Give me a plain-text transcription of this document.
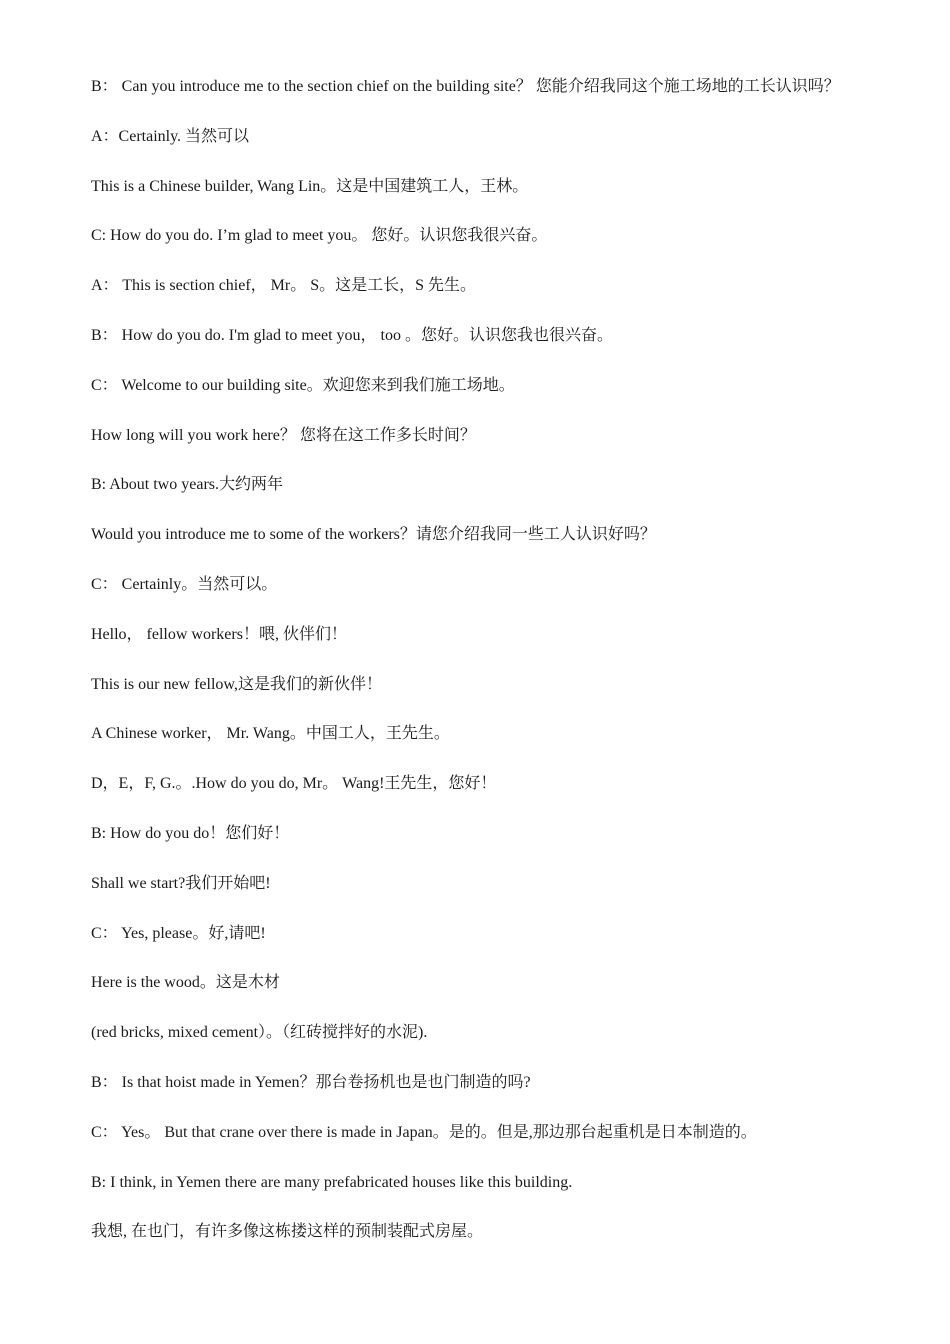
B： Can you introduce me to the section chief on the building site？ 您能介绍我同这个施工场地的工长认识吗？
A：Certainly. 当然可以
This is a Chinese builder, Wang Lin。这是中国建筑工人，王林。
C: How do you do. I’m glad to meet you。 您好。认识您我很兴奋。
A： This is section chief， Mr。 S。这是工长，S 先生。
B： How do you do. I'm glad to meet you， too 。您好。认识您我也很兴奋。
C： Welcome to our building site。欢迎您来到我们施工场地。
How long will you work here？ 您将在这工作多长时间？
B: About two years.大约两年
Would you introduce me to some of the workers？请您介绍我同一些工人认识好吗？
C： Certainly。当然可以。
Hello， fellow workers！喂, 伙伴们！
This is our new fellow,这是我们的新伙伴！
A Chinese worker， Mr. Wang。中国工人，王先生。
D，E，F, G.。.How do you do, Mr。 Wang!王先生，您好！
B: How do you do！您们好！
Shall we start?我们开始吧!
C： Yes, please。好,请吧!
Here is the wood。这是木材
(red bricks, mixed cement）。（红砖搅拌好的水泥).
B： Is that hoist made in Yemen？那台卷扬机也是也门制造的吗?
C： Yes。 But that crane over there is made in Japan。是的。但是,那边那台起重机是日本制造的。
B: I think, in Yemen there are many prefabricated houses like this building.
我想, 在也门，有许多像这栋搂这样的预制装配式房屋。
